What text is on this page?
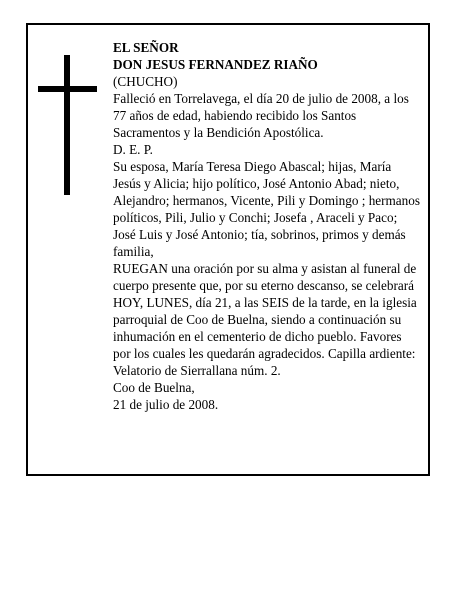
EL SEÑOR

DON JESUS FERNANDEZ RIAÑO

(CHUCHO)

Falleció en Torrelavega, el día 20 de julio de 2008, a los 77 años de edad, habiendo recibido los Santos Sacramentos y la Bendición Apostólica.

D. E. P.

Su esposa, María Teresa Diego Abascal; hijas, María Jesús y Alicia; hijo político, José Antonio Abad; nieto, Alejandro; hermanos, Vicente, Pili y Domingo ; hermanos políticos, Pili, Julio y Conchi; Josefa , Araceli y Paco; José Luis y José Antonio; tía, sobrinos, primos y demás familia,

RUEGAN una oración por su alma y asistan al funeral de cuerpo presente que, por su eterno descanso, se celebrará HOY, LUNES, día 21, a las SEIS de la tarde, en la iglesia parroquial de Coo de Buelna, siendo a continuación su inhumación en el cementerio de dicho pueblo. Favores por los cuales les quedarán agradecidos. Capilla ardiente: Velatorio de Sierrallana núm. 2.

Coo de Buelna,

21 de julio de 2008.
